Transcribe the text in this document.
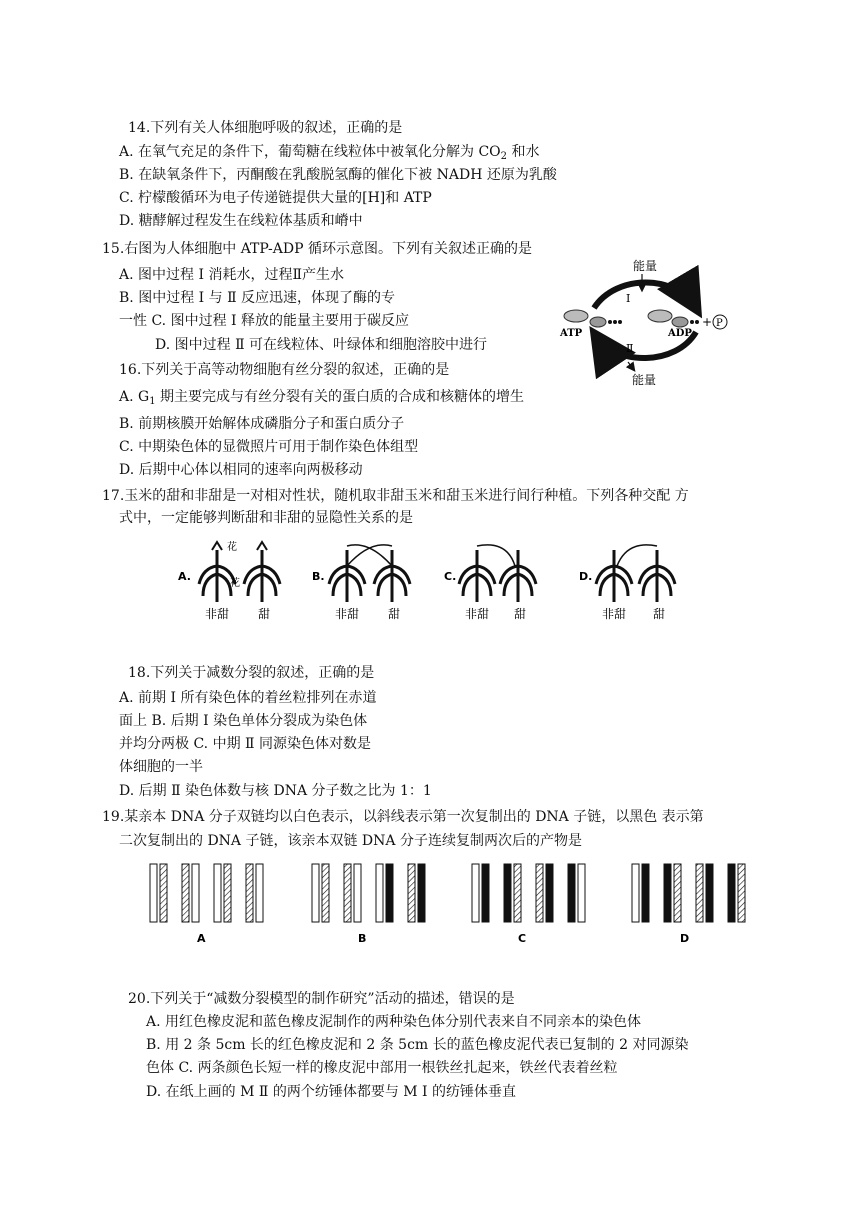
14.下列有关人体细胞呼吸的叙述，正确的是
A. 在氧气充足的条件下，葡萄糖在线粒体中被氧化分解为 $CO_2$ 和水
B. 在缺氧条件下，丙酮酸在乳酸脱氢酶的催化下被 NADH 还原为乳酸
C. 柠檬酸循环为电子传递链提供大量的[H]和 ATP
D. 糖酵解过程发生在线粒体基质和嵴中
15.右图为人体细胞中 ATP-ADP 循环示意图。下列有关叙述正确的是
A. 图中过程 Ⅰ 消耗水，过程Ⅱ产生水
B. 图中过程 Ⅰ 与 Ⅱ 反应迅速，体现了酶的专
一性 C. 图中过程 Ⅰ 释放的能量主要用于碳反应
D. 图中过程 Ⅱ 可在线粒体、叶绿体和细胞溶胶中进行
能量
Ⅰ
Ⅱ
ATP	ADP
+ P
能量
16.下列关于高等动物细胞有丝分裂的叙述，正确的是
A. $G_1$ 期主要完成与有丝分裂有关的蛋白质的合成和核糖体的增生
B. 前期核膜开始解体成磷脂分子和蛋白质分子
C. 中期染色体的显微照片可用于制作染色体组型
D. 后期中心体以相同的速率向两极移动
17.玉米的甜和非甜是一对相对性状，随机取非甜玉米和甜玉米进行间行种植。下列各种交配 方
式中，一定能够判断甜和非甜的显隐性关系的是
A.
花
花
非甜 甜
B.
非甜 甜
C.
非甜 甜
D.
非甜 甜
18.下列关于减数分裂的叙述，正确的是
A. 前期 Ⅰ 所有染色体的着丝粒排列在赤道
面上 B. 后期 Ⅰ 染色单体分裂成为染色体
并均分两极 C. 中期 Ⅱ 同源染色体对数是
体细胞的一半
D. 后期 Ⅱ 染色体数与核 DNA 分子数之比为 1：1
19.某亲本 DNA 分子双链均以白色表示，以斜线表示第一次复制出的 DNA 子链，以黑色 表示第
二次复制出的 DNA 子链，该亲本双链 DNA 分子连续复制两次后的产物是
A	B	C	D
20.下列关于“减数分裂模型的制作研究”活动的描述，错误的是
A. 用红色橡皮泥和蓝色橡皮泥制作的两种染色体分别代表来自不同亲本的染色体
B. 用 2 条 5cm 长的红色橡皮泥和 2 条 5cm 长的蓝色橡皮泥代表已复制的 2 对同源染
色体 C. 两条颜色长短一样的橡皮泥中部用一根铁丝扎起来，铁丝代表着丝粒
D. 在纸上画的 M Ⅱ 的两个纺锤体都要与 M Ⅰ 的纺锤体垂直
